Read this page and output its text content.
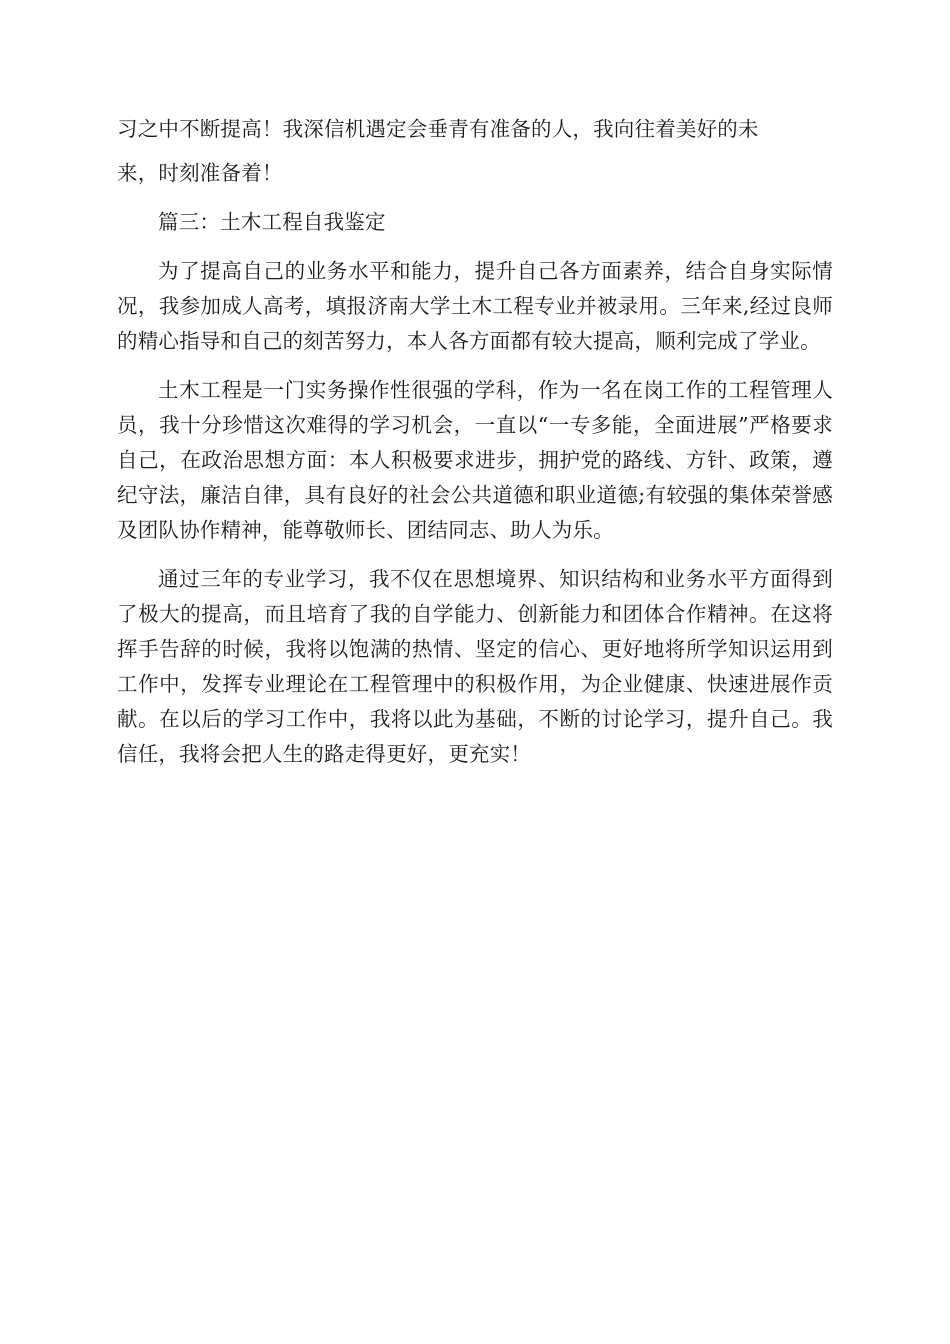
习之中不断提高！我深信机遇定会垂青有准备的人，我向往着美好的未

来，时刻准备着！

篇三：土木工程自我鉴定

为了提高自己的业务水平和能力，提升自己各方面素养，结合自身实际情况，我参加成人高考，填报济南大学土木工程专业并被录用。三年来,经过良师的精心指导和自己的刻苦努力，本人各方面都有较大提高，顺利完成了学业。

土木工程是一门实务操作性很强的学科，作为一名在岗工作的工程管理人员，我十分珍惜这次难得的学习机会，一直以“一专多能，全面进展”严格要求自己，在政治思想方面：本人积极要求进步，拥护党的路线、方针、政策，遵纪守法，廉洁自律，具有良好的社会公共道德和职业道德;有较强的集体荣誉感及团队协作精神，能尊敬师长、团结同志、助人为乐。

通过三年的专业学习，我不仅在思想境界、知识结构和业务水平方面得到了极大的提高，而且培育了我的自学能力、创新能力和团体合作精神。在这将挥手告辞的时候，我将以饱满的热情、坚定的信心、更好地将所学知识运用到工作中，发挥专业理论在工程管理中的积极作用，为企业健康、快速进展作贡献。在以后的学习工作中，我将以此为基础，不断的讨论学习，提升自己。我信任，我将会把人生的路走得更好，更充实！
